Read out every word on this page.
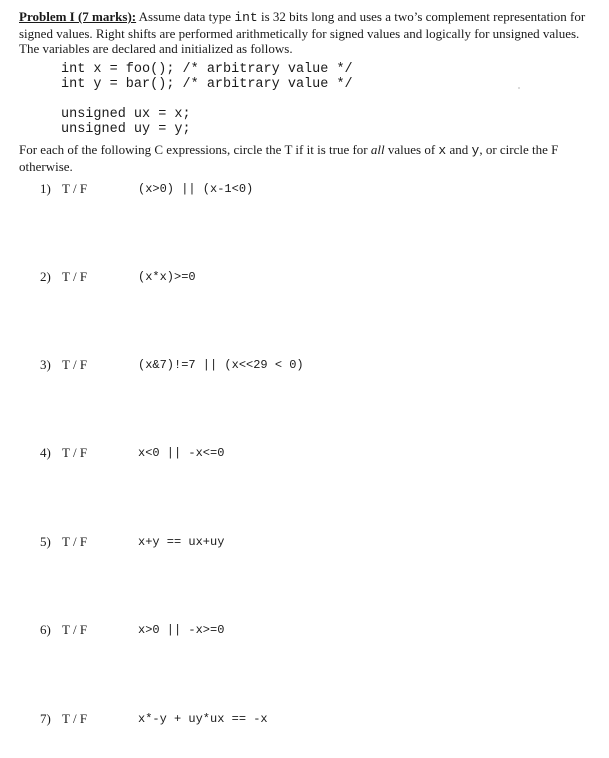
Problem I (7 marks): Assume data type int is 32 bits long and uses a two’s complement representation for signed values. Right shifts are performed arithmetically for signed values and logically for unsigned values. The variables are declared and initialized as follows.

int x = foo(); /* arbitrary value */
int y = bar(); /* arbitrary value */
unsigned ux = x;
unsigned uy = y;

For each of the following C expressions, circle the T if it is true for all values of x and y, or circle the F otherwise.

1) T / F	(x>0) || (x-1<0)
2) T / F	(x*x)>=0
3) T / F	(x&7)!=7 || (x<<29 < 0)
4) T / F	x<0 || -x<=0
5) T / F	x+y == ux+uy
6) T / F	x>0 || -x>=0
7) T / F	x*-y + uy*ux == -x
